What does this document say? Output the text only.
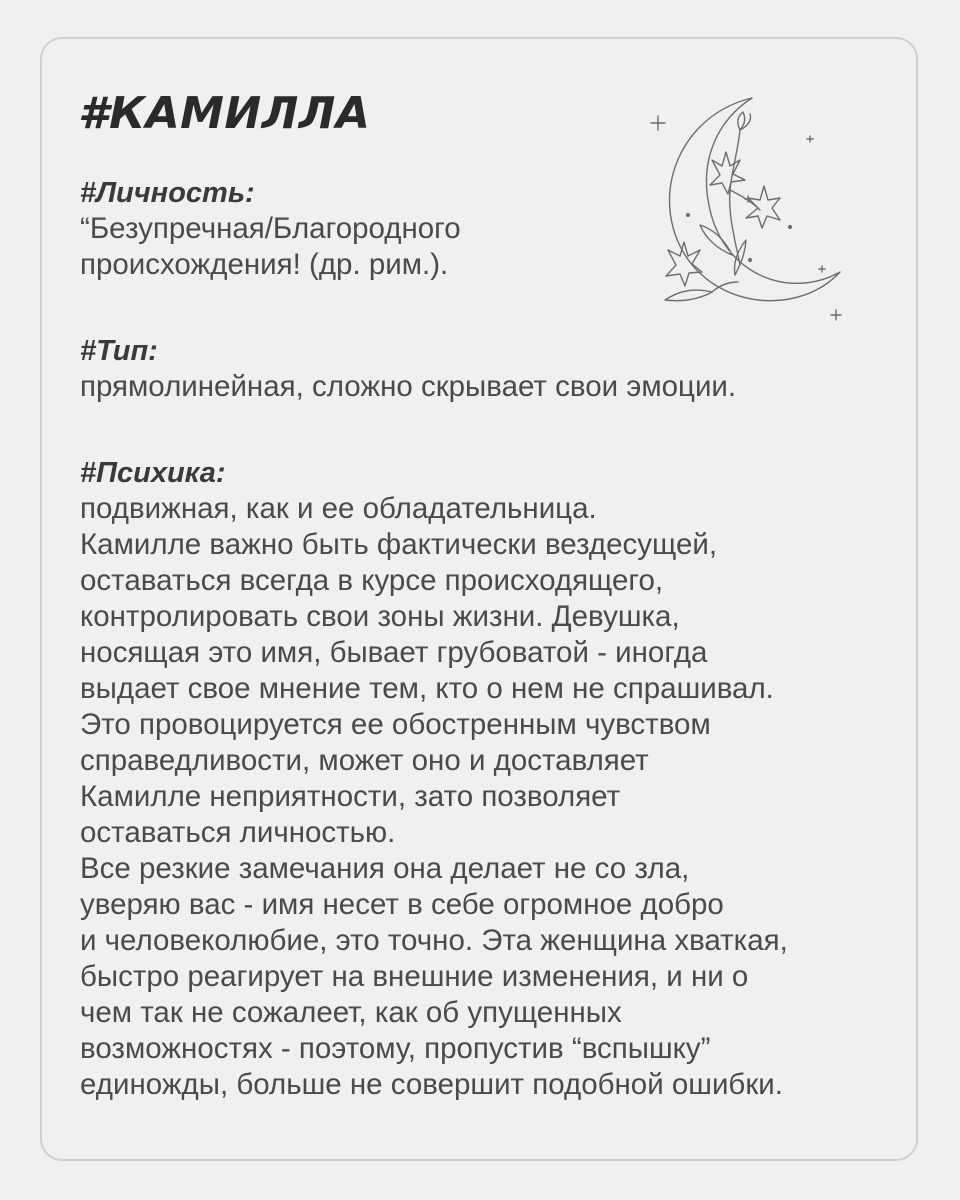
#КАМИЛЛА
#Личность:
“Безупречная/Благородного
происхождения! (др. рим.).
#Тип:
прямолинейная, сложно скрывает свои эмоции.
#Психика:
подвижная, как и ее обладательница.
Камилле важно быть фактически вездесущей,
оставаться всегда в курсе происходящего,
контролировать свои зоны жизни. Девушка,
носящая это имя, бывает грубоватой - иногда
выдает свое мнение тем, кто о нем не спрашивал.
Это провоцируется ее обостренным чувством
справедливости, может оно и доставляет
Камилле неприятности, зато позволяет
оставаться личностью.
Все резкие замечания она делает не со зла,
уверяю вас - имя несет в себе огромное добро
и человеколюбие, это точно. Эта женщина хваткая,
быстро реагирует на внешние изменения, и ни о
чем так не сожалеет, как об упущенных
возможностях - поэтому, пропустив “вспышку”
единожды, больше не совершит подобной ошибки.
